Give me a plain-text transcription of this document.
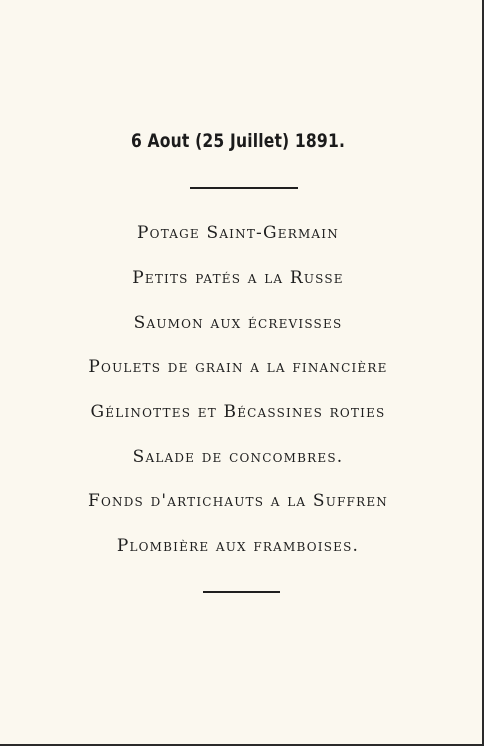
6 Aout (25 Juillet) 1891.
Potage Saint-Germain
Petits patés a la Russe
Saumon aux écrevisses
Poulets de grain a la financière
Gélinottes et Bécassines roties
Salade de concombres.
Fonds d'artichauts a la Suffren
Plombière aux framboises.
